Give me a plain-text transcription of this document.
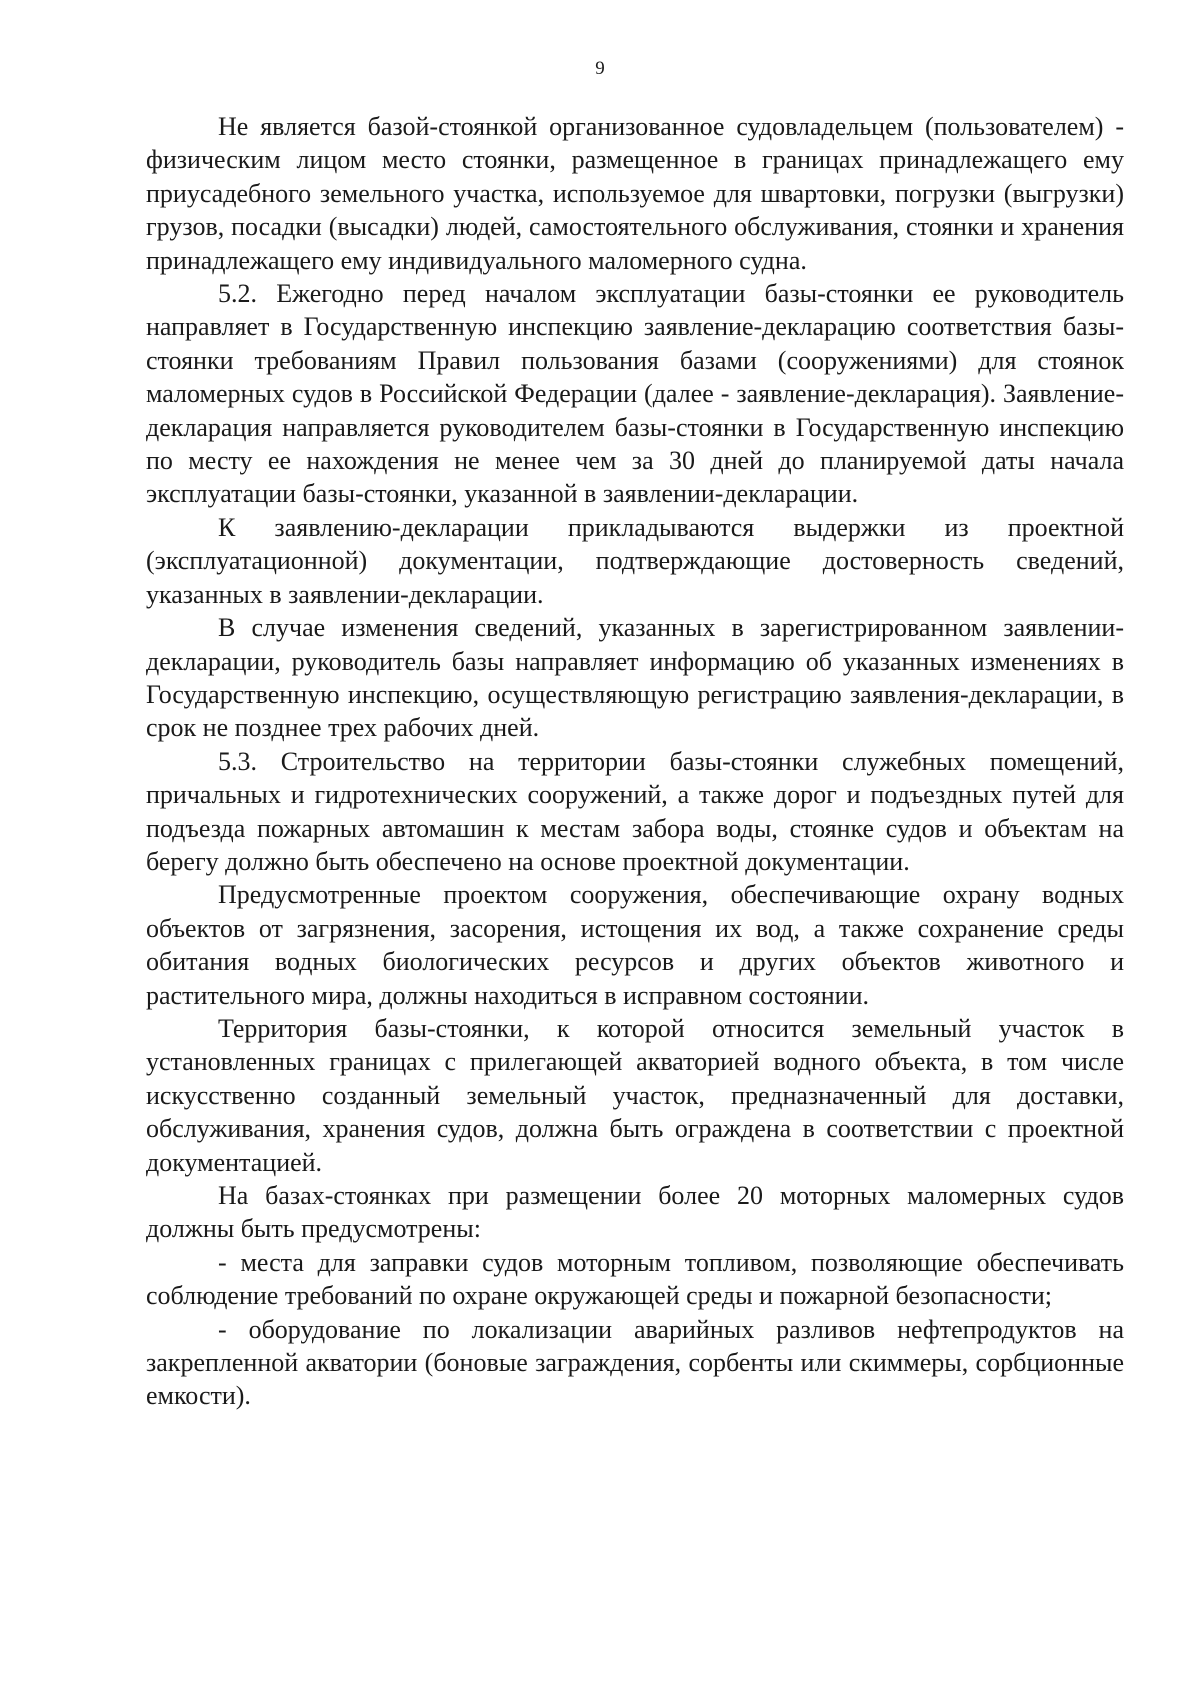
9

Не является базой-стоянкой организованное судовладельцем (пользователем) - физическим лицом место стоянки, размещенное в границах принадлежащего ему приусадебного земельного участка, используемое для швартовки, погрузки (выгрузки) грузов, посадки (высадки) людей, самостоятельного обслуживания, стоянки и хранения принадлежащего ему индивидуального маломерного судна.

5.2. Ежегодно перед началом эксплуатации базы-стоянки ее руководитель направляет в Государственную инспекцию заявление-декларацию соответствия базы-стоянки требованиям Правил пользования базами (сооружениями) для стоянок маломерных судов в Российской Федерации (далее - заявление-декларация). Заявление-декларация направляется руководителем базы-стоянки в Государственную инспекцию по месту ее нахождения не менее чем за 30 дней до планируемой даты начала эксплуатации базы-стоянки, указанной в заявлении-декларации.

К заявлению-декларации прикладываются выдержки из проектной (эксплуатационной) документации, подтверждающие достоверность сведений, указанных в заявлении-декларации.

В случае изменения сведений, указанных в зарегистрированном заявлении-декларации, руководитель базы направляет информацию об указанных изменениях в Государственную инспекцию, осуществляющую регистрацию заявления-декларации, в срок не позднее трех рабочих дней.

5.3. Строительство на территории базы-стоянки служебных помещений, причальных и гидротехнических сооружений, а также дорог и подъездных путей для подъезда пожарных автомашин к местам забора воды, стоянке судов и объектам на берегу должно быть обеспечено на основе проектной документации.

Предусмотренные проектом сооружения, обеспечивающие охрану водных объектов от загрязнения, засорения, истощения их вод, а также сохранение среды обитания водных биологических ресурсов и других объектов животного и растительного мира, должны находиться в исправном состоянии.

Территория базы-стоянки, к которой относится земельный участок в установленных границах с прилегающей акваторией водного объекта, в том числе искусственно созданный земельный участок, предназначенный для доставки, обслуживания, хранения судов, должна быть ограждена в соответствии с проектной документацией.

На базах-стоянках при размещении более 20 моторных маломерных судов должны быть предусмотрены:

- места для заправки судов моторным топливом, позволяющие обеспечивать соблюдение требований по охране окружающей среды и пожарной безопасности;

- оборудование по локализации аварийных разливов нефтепродуктов на закрепленной акватории (боновые заграждения, сорбенты или скиммеры, сорбционные емкости).
